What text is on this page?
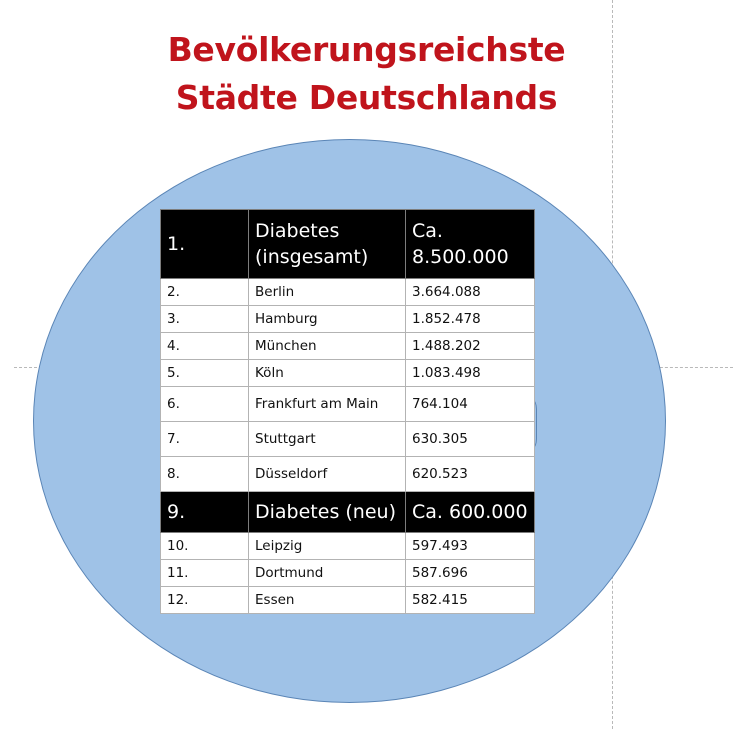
Bevölkerungsreichste
Städte Deutschlands
1.	Diabetes (insgesamt)	Ca. 8.500.000
2.	Berlin	3.664.088
3.	Hamburg	1.852.478
4.	München	1.488.202
5.	Köln	1.083.498
6.	Frankfurt am Main	764.104
7.	Stuttgart	630.305
8.	Düsseldorf	620.523
9.	Diabetes (neu)	Ca. 600.000
10.	Leipzig	597.493
11.	Dortmund	587.696
12.	Essen	582.415
